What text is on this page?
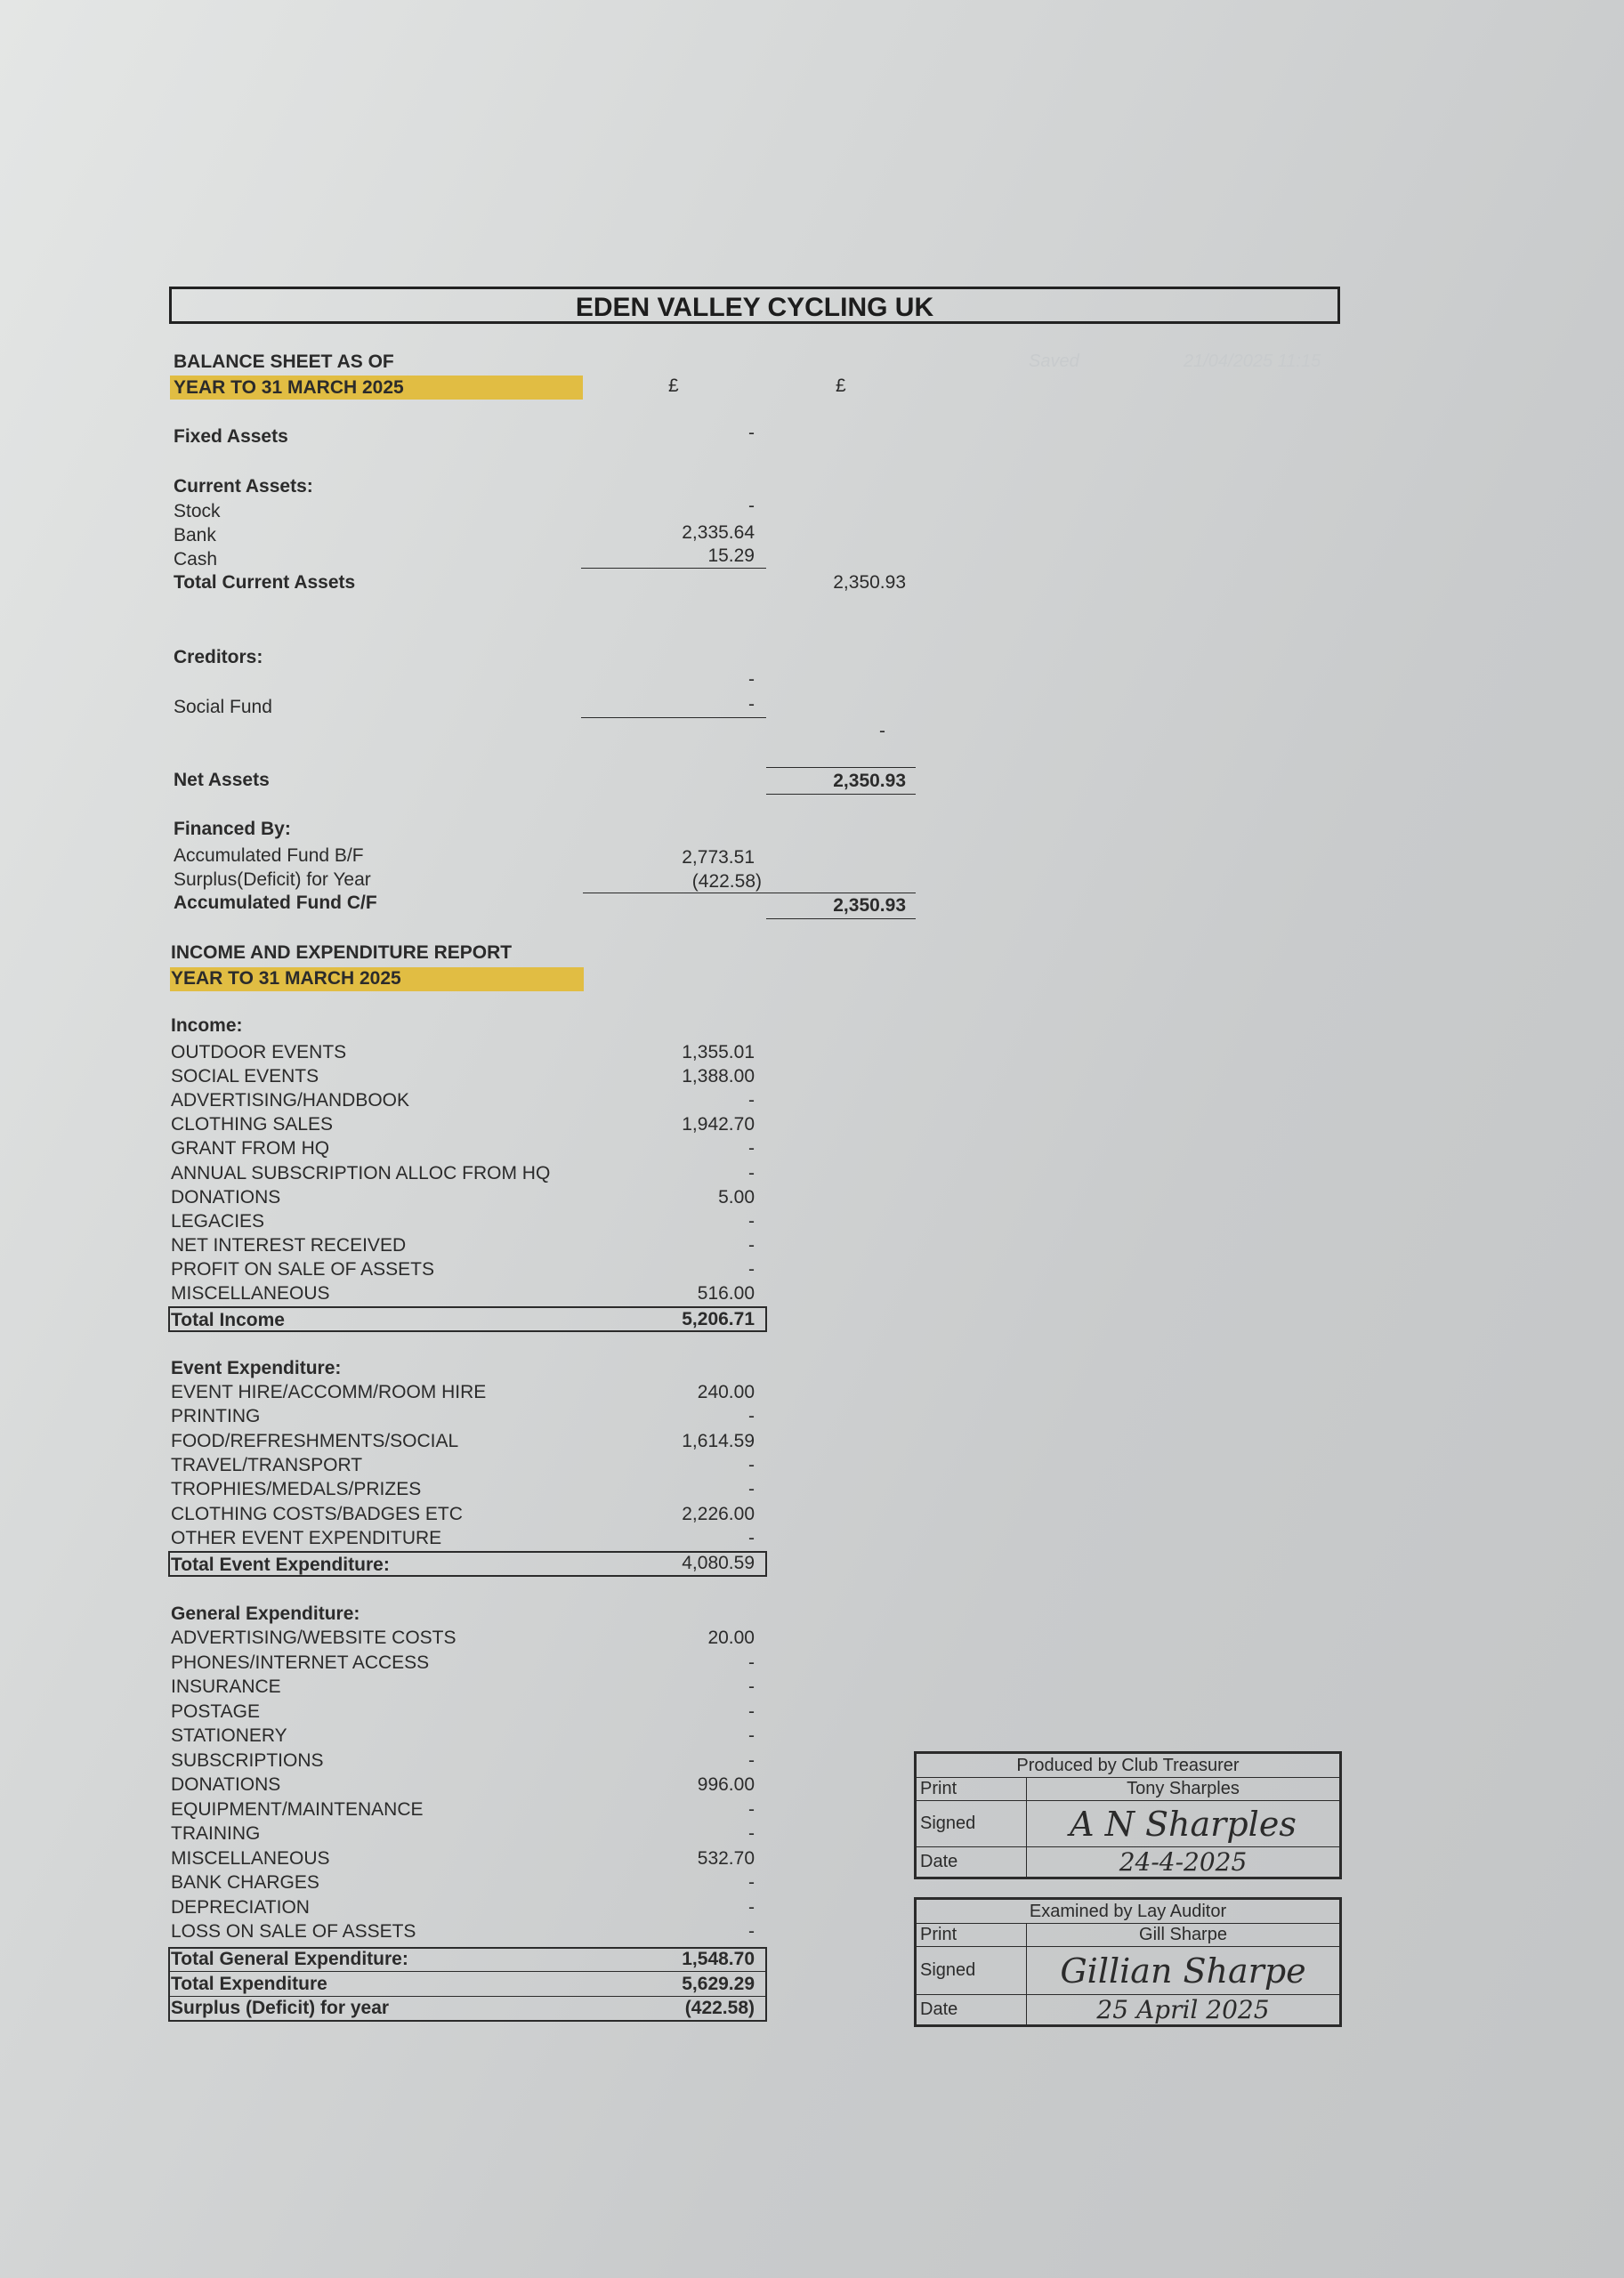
EDEN VALLEY CYCLING UK
Saved	21/04/2025 11:15
BALANCE SHEET AS OF
YEAR TO 31 MARCH 2025	£	£
Fixed Assets	-
Current Assets:
Stock	-
Bank	2,335.64
Cash	15.29
Total Current Assets	2,350.93
Creditors:
-
Social Fund	-
-
Net Assets	2,350.93
Financed By:
Accumulated Fund B/F	2,773.51
Surplus(Deficit) for Year	(422.58)
Accumulated Fund C/F	2,350.93
INCOME AND EXPENDITURE REPORT
YEAR TO 31 MARCH 2025
Income:
OUTDOOR EVENTS	1,355.01
SOCIAL EVENTS	1,388.00
ADVERTISING/HANDBOOK	-
CLOTHING SALES	1,942.70
GRANT FROM HQ	-
ANNUAL SUBSCRIPTION ALLOC FROM HQ	-
DONATIONS	5.00
LEGACIES	-
NET INTEREST RECEIVED	-
PROFIT ON SALE OF ASSETS	-
MISCELLANEOUS	516.00
Total Income	5,206.71
Event Expenditure:
EVENT HIRE/ACCOMM/ROOM HIRE	240.00
PRINTING	-
FOOD/REFRESHMENTS/SOCIAL	1,614.59
TRAVEL/TRANSPORT	-
TROPHIES/MEDALS/PRIZES	-
CLOTHING COSTS/BADGES ETC	2,226.00
OTHER EVENT EXPENDITURE	-
Total Event Expenditure:	4,080.59
General Expenditure:
ADVERTISING/WEBSITE COSTS	20.00
PHONES/INTERNET ACCESS	-
INSURANCE	-
POSTAGE	-
STATIONERY	-
SUBSCRIPTIONS	-
DONATIONS	996.00
EQUIPMENT/MAINTENANCE	-
TRAINING	-
MISCELLANEOUS	532.70
BANK CHARGES	-
DEPRECIATION	-
LOSS ON SALE OF ASSETS	-
Total General Expenditure:	1,548.70
Total Expenditure	5,629.29
Surplus (Deficit) for year	(422.58)
Produced by Club Treasurer	
Print	Tony Sharples
Signed	A N Sharples
Date	24-4-2025
Examined by Lay Auditor	
Print	Gill Sharpe
Signed	Gillian Sharpe
Date	25 April 2025
